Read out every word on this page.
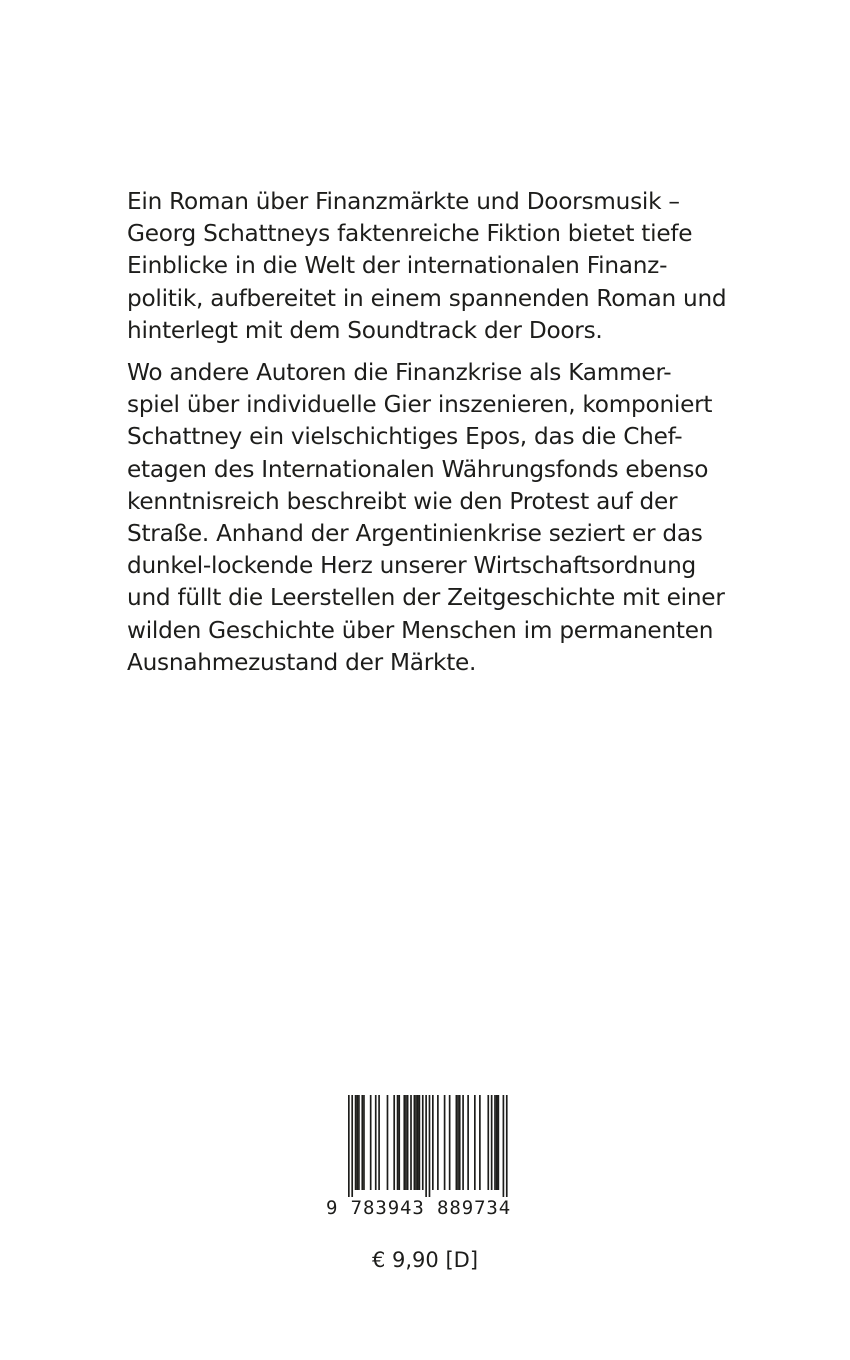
Ein Roman über Finanzmärkte und Doorsmusik –
Georg Schattneys faktenreiche Fiktion bietet tiefe
Einblicke in die Welt der internationalen Finanz-
politik, aufbereitet in einem spannenden Roman und
hinterlegt mit dem Soundtrack der Doors.

Wo andere Autoren die Finanzkrise als Kammer-
spiel über individuelle Gier inszenieren, komponiert
Schattney ein vielschichtiges Epos, das die Chef-
etagen des Internationalen Währungsfonds ebenso
kenntnisreich beschreibt wie den Protest auf der
Straße. Anhand der Argentinienkrise seziert er das
dunkel-lockende Herz unserer Wirtschaftsordnung
und füllt die Leerstellen der Zeitgeschichte mit einer
wilden Geschichte über Menschen im permanenten
Ausnahmezustand der Märkte.

9 783943 889734
€ 9,90 [D]
